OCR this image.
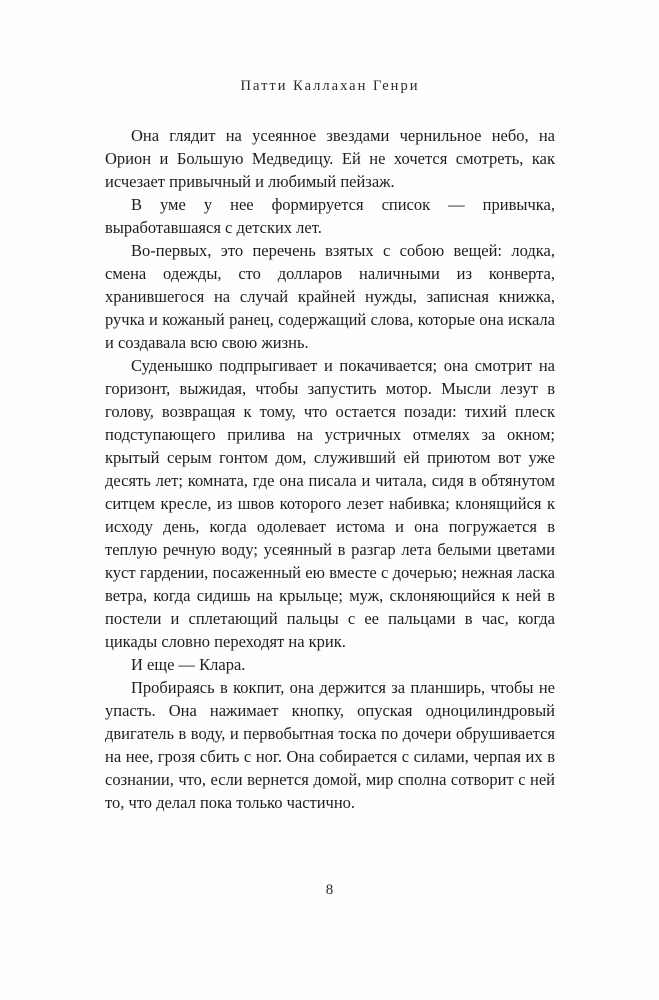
Патти Каллахан Генри

Она глядит на усеянное звездами чернильное небо, на Орион и Большую Медведицу. Ей не хочется смотреть, как исчезает привычный и любимый пейзаж.

В уме у нее формируется список — привычка, выработавшаяся с детских лет.

Во-первых, это перечень взятых с собою вещей: лодка, смена одежды, сто долларов наличными из конверта, хранившегося на случай крайней нужды, записная книжка, ручка и кожаный ранец, содержащий слова, которые она искала и создавала всю свою жизнь.

Суденышко подпрыгивает и покачивается; она смотрит на горизонт, выжидая, чтобы запустить мотор. Мысли лезут в голову, возвращая к тому, что остается позади: тихий плеск подступающего прилива на устричных отмелях за окном; крытый серым гонтом дом, служивший ей приютом вот уже десять лет; комната, где она писала и читала, сидя в обтянутом ситцем кресле, из швов которого лезет набивка; клонящийся к исходу день, когда одолевает истома и она погружается в теплую речную воду; усеянный в разгар лета белыми цветами куст гардении, посаженный ею вместе с дочерью; нежная ласка ветра, когда сидишь на крыльце; муж, склоняющийся к ней в постели и сплетающий пальцы с ее пальцами в час, когда цикады словно переходят на крик.

И еще — Клара.

Пробираясь в кокпит, она держится за планширь, чтобы не упасть. Она нажимает кнопку, опуская одноцилиндровый двигатель в воду, и первобытная тоска по дочери обрушивается на нее, грозя сбить с ног. Она собирается с силами, черпая их в сознании, что, если вернется домой, мир сполна сотворит с ней то, что делал пока только частично.

8
